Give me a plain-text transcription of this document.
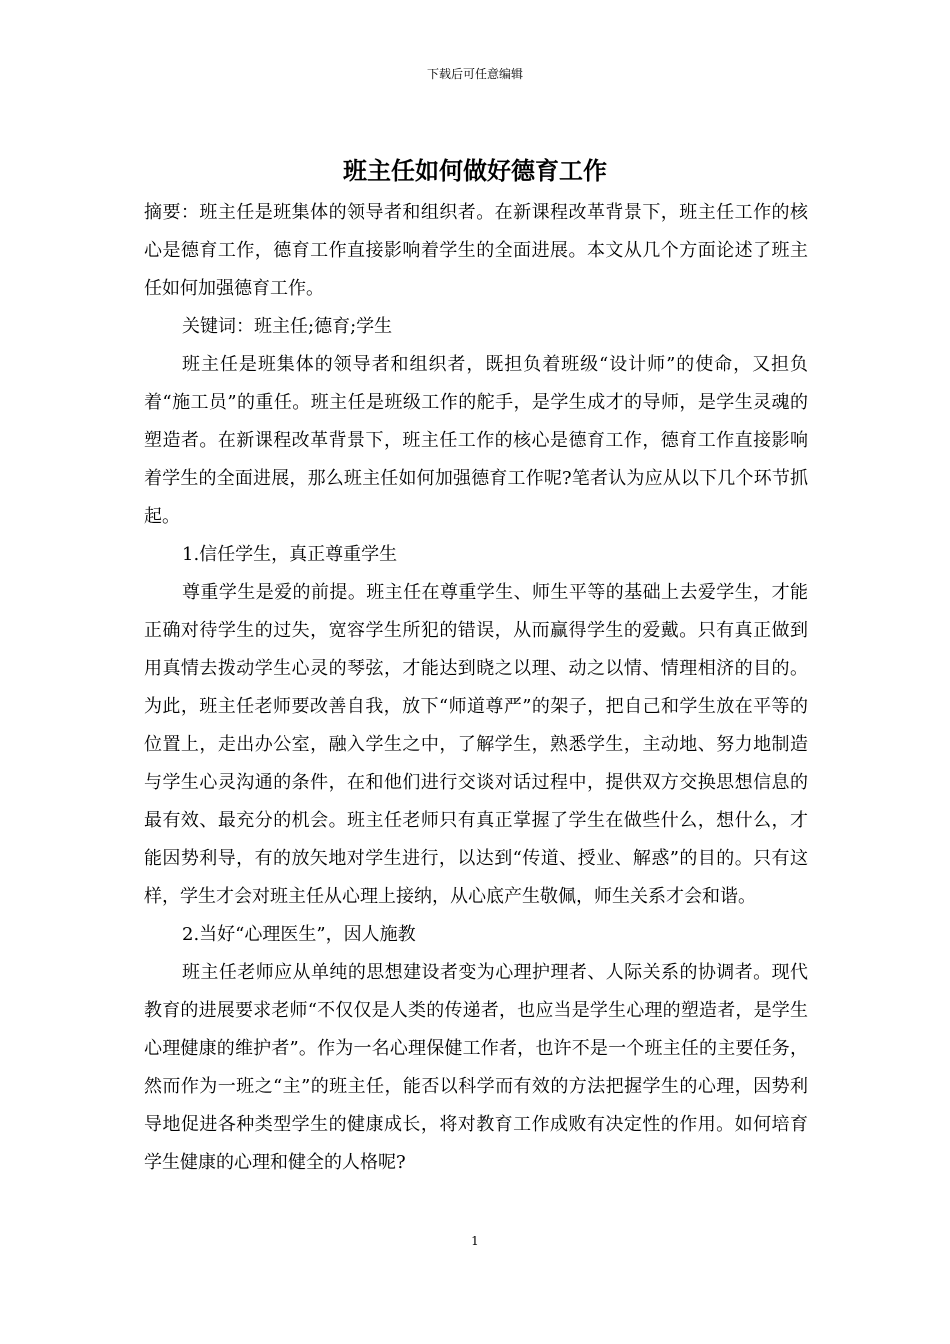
下载后可任意编辑
班主任如何做好德育工作

摘要：班主任是班集体的领导者和组织者。在新课程改革背景下，班主任工作的核心是德育工作，德育工作直接影响着学生的全面进展。本文从几个方面论述了班主任如何加强德育工作。

关键词：班主任;德育;学生

班主任是班集体的领导者和组织者，既担负着班级“设计师”的使命，又担负着“施工员”的重任。班主任是班级工作的舵手，是学生成才的导师，是学生灵魂的塑造者。在新课程改革背景下，班主任工作的核心是德育工作，德育工作直接影响着学生的全面进展，那么班主任如何加强德育工作呢?笔者认为应从以下几个环节抓起。

1.信任学生，真正尊重学生

尊重学生是爱的前提。班主任在尊重学生、师生平等的基础上去爱学生，才能正确对待学生的过失，宽容学生所犯的错误，从而赢得学生的爱戴。只有真正做到用真情去拨动学生心灵的琴弦，才能达到晓之以理、动之以情、情理相济的目的。为此，班主任老师要改善自我，放下“师道尊严”的架子，把自己和学生放在平等的位置上，走出办公室，融入学生之中，了解学生，熟悉学生，主动地、努力地制造与学生心灵沟通的条件，在和他们进行交谈对话过程中，提供双方交换思想信息的最有效、最充分的机会。班主任老师只有真正掌握了学生在做些什么，想什么，才能因势利导，有的放矢地对学生进行，以达到“传道、授业、解惑”的目的。只有这样，学生才会对班主任从心理上接纳，从心底产生敬佩，师生关系才会和谐。

2.当好“心理医生”，因人施教

班主任老师应从单纯的思想建设者变为心理护理者、人际关系的协调者。现代教育的进展要求老师“不仅仅是人类的传递者，也应当是学生心理的塑造者，是学生心理健康的维护者”。作为一名心理保健工作者，也许不是一个班主任的主要任务，然而作为一班之“主”的班主任，能否以科学而有效的方法把握学生的心理，因势利导地促进各种类型学生的健康成长，将对教育工作成败有决定性的作用。如何培育学生健康的心理和健全的人格呢?

1
